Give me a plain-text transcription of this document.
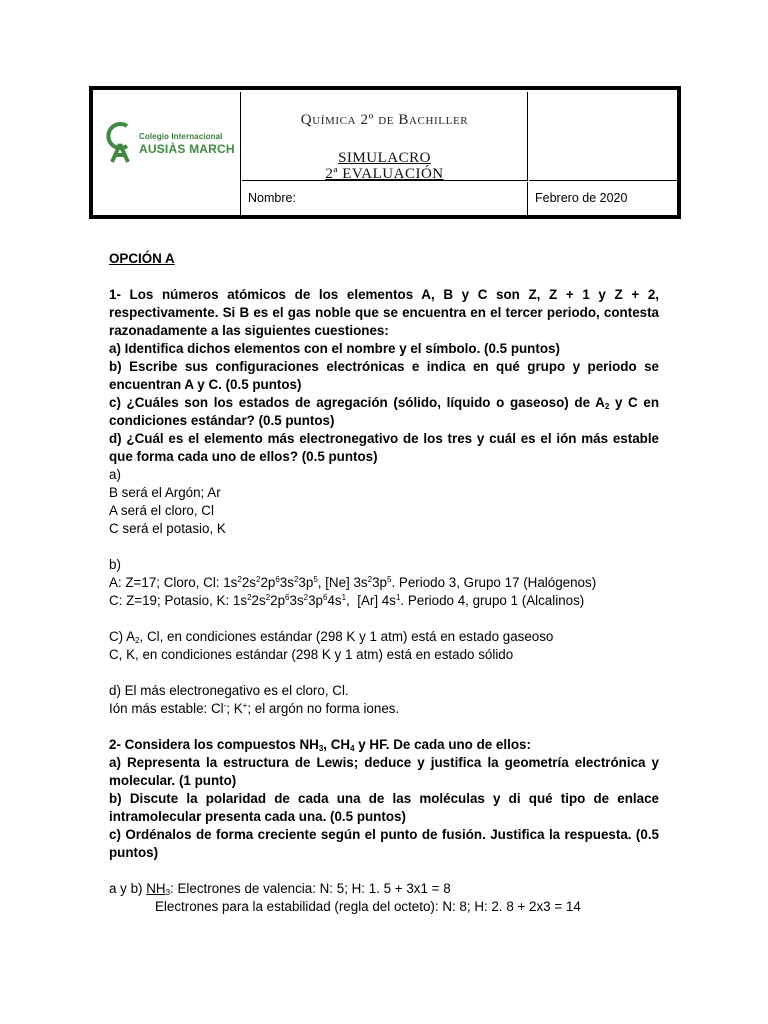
Colegio Internacional
AUSIÀS MARCH
Química 2º de Bachiller
SIMULACRO
2ª EVALUACIÓN
Nombre:	Febrero de 2020

OPCIÓN A

1- Los números atómicos de los elementos A, B y C son Z, Z + 1 y Z + 2, respectivamente. Si B es el gas noble que se encuentra en el tercer periodo, contesta razonadamente a las siguientes cuestiones:

a) Identifica dichos elementos con el nombre y el símbolo. (0.5 puntos)

b) Escribe sus configuraciones electrónicas e indica en qué grupo y periodo se encuentran A y C. (0.5 puntos)

c) ¿Cuáles son los estados de agregación (sólido, líquido o gaseoso) de $A_2$ y C en condiciones estándar? (0.5 puntos)

d) ¿Cuál es el elemento más electronegativo de los tres y cuál es el ión más estable que forma cada uno de ellos? (0.5 puntos)

a)

B será el Argón; Ar

A será el cloro, Cl

C será el potasio, K

b)

A: Z=17; Cloro, Cl: $1s^22s^22p^63s^23p^5$, [Ne] $3s^23p^5$. Periodo 3, Grupo 17 (Halógenos)

C: Z=19; Potasio, K: $1s^22s^22p^63s^23p^64s^1$,  [Ar] $4s^1$. Periodo 4, grupo 1 (Alcalinos)

C) $A_2$, Cl, en condiciones estándar (298 K y 1 atm) está en estado gaseoso

C, K, en condiciones estándar (298 K y 1 atm) está en estado sólido

d) El más electronegativo es el cloro, Cl.

Ión más estable: Cl-; K+; el argón no forma iones.

2- Considera los compuestos $NH_3$, $CH_4$ y HF. De cada uno de ellos:

a) Representa la estructura de Lewis; deduce y justifica la geometría electrónica y molecular. (1 punto)

b) Discute la polaridad de cada una de las moléculas y di qué tipo de enlace intramolecular presenta cada una. (0.5 puntos)

c) Ordénalos de forma creciente según el punto de fusión. Justifica la respuesta. (0.5 puntos)

a y b) $NH_3$: Electrones de valencia: N: 5; H: 1. 5 + 3x1 = 8

Electrones para la estabilidad (regla del octeto): N: 8; H: 2. 8 + 2x3 = 14
